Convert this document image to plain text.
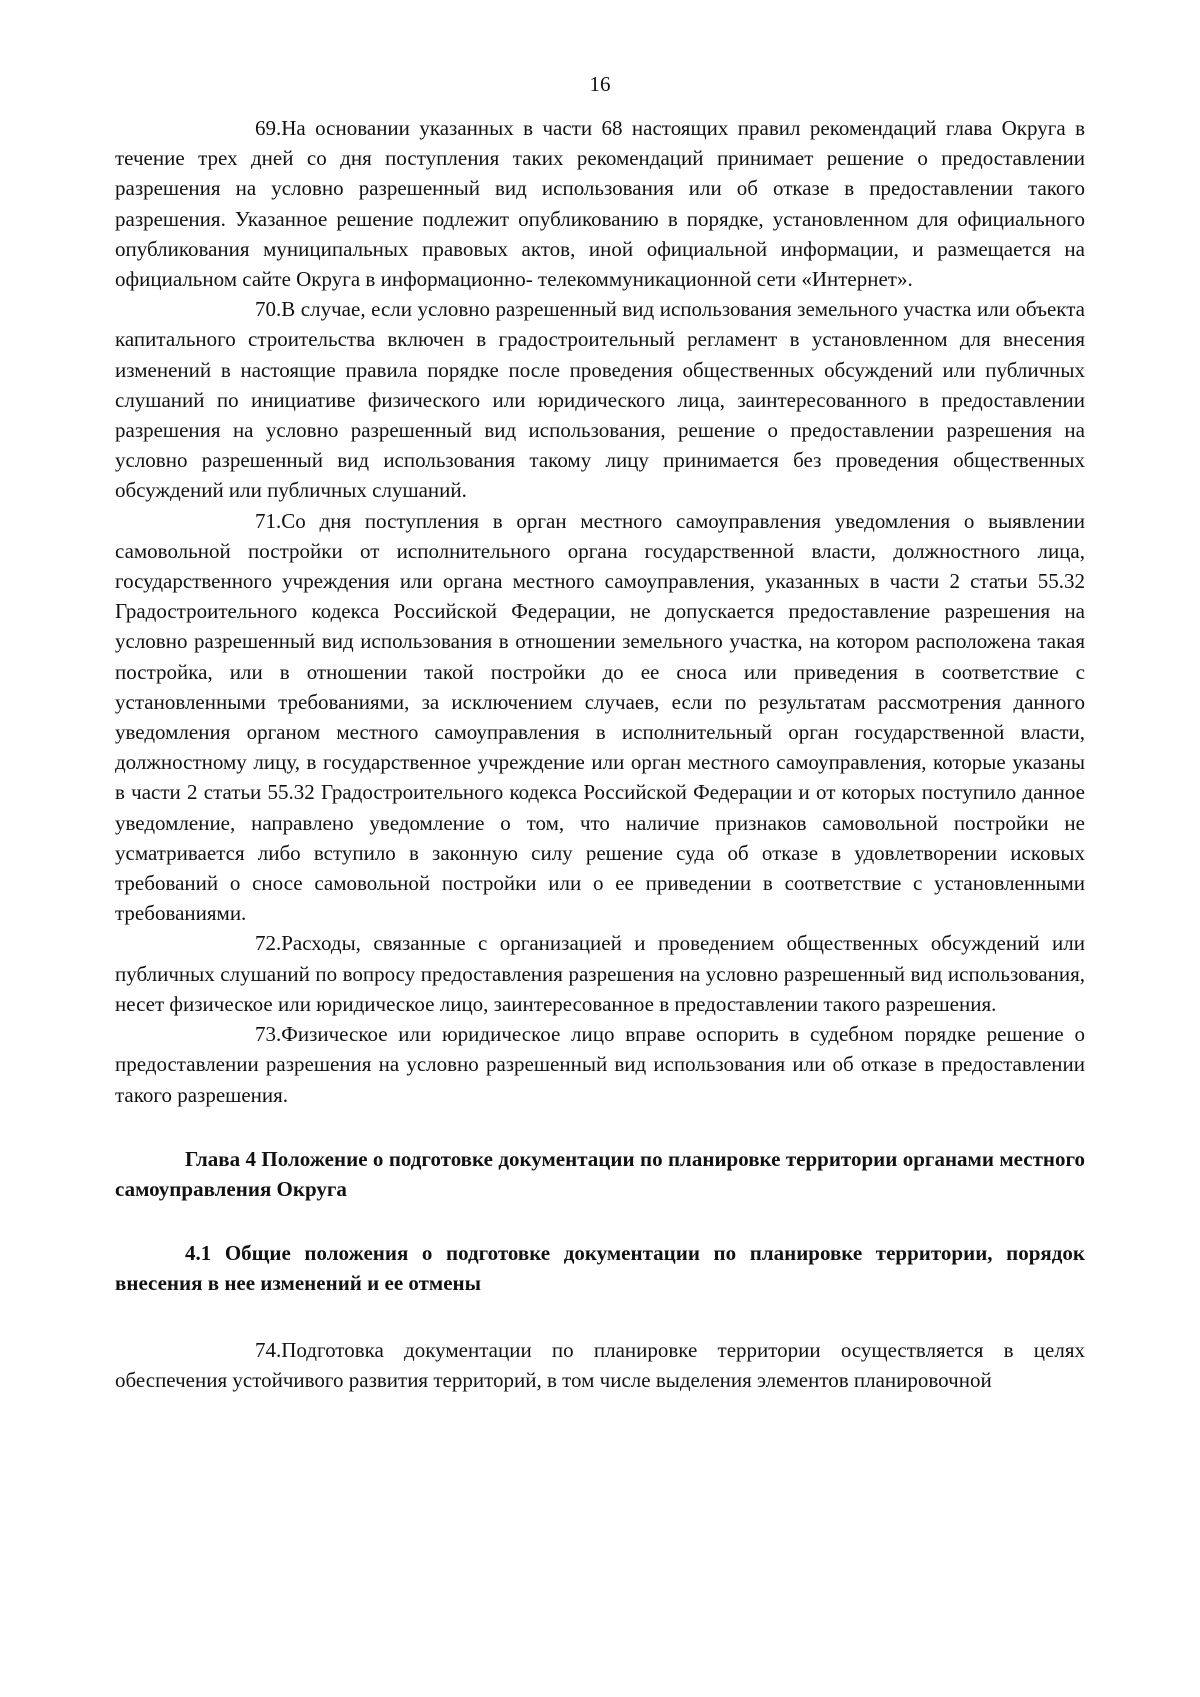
16

69.На основании указанных в части 68 настоящих правил рекомендаций глава Округа в течение трех дней со дня поступления таких рекомендаций принимает решение о предоставлении разрешения на условно разрешенный вид использования или об отказе в предоставлении такого разрешения. Указанное решение подлежит опубликованию в порядке, установленном для официального опубликования муниципальных правовых актов, иной официальной информации, и размещается на официальном сайте Округа в информационно- телекоммуникационной сети «Интернет».

70.В случае, если условно разрешенный вид использования земельного участка или объекта капитального строительства включен в градостроительный регламент в установленном для внесения изменений в настоящие правила порядке после проведения общественных обсуждений или публичных слушаний по инициативе физического или юридического лица, заинтересованного в предоставлении разрешения на условно разрешенный вид использования, решение о предоставлении разрешения на условно разрешенный вид использования такому лицу принимается без проведения общественных обсуждений или публичных слушаний.

71.Со дня поступления в орган местного самоуправления уведомления о выявлении самовольной постройки от исполнительного органа государственной власти, должностного лица, государственного учреждения или органа местного самоуправления, указанных в части 2 статьи 55.32 Градостроительного кодекса Российской Федерации, не допускается предоставление разрешения на условно разрешенный вид использования в отношении земельного участка, на котором расположена такая постройка, или в отношении такой постройки до ее сноса или приведения в соответствие с установленными требованиями, за исключением случаев, если по результатам рассмотрения данного уведомления органом местного самоуправления в исполнительный орган государственной власти, должностному лицу, в государственное учреждение или орган местного самоуправления, которые указаны в части 2 статьи 55.32 Градостроительного кодекса Российской Федерации и от которых поступило данное уведомление, направлено уведомление о том, что наличие признаков самовольной постройки не усматривается либо вступило в законную силу решение суда об отказе в удовлетворении исковых требований о сносе самовольной постройки или о ее приведении в соответствие с установленными требованиями.

72.Расходы, связанные с организацией и проведением общественных обсуждений или публичных слушаний по вопросу предоставления разрешения на условно разрешенный вид использования, несет физическое или юридическое лицо, заинтересованное в предоставлении такого разрешения.

73.Физическое или юридическое лицо вправе оспорить в судебном порядке решение о предоставлении разрешения на условно разрешенный вид использования или об отказе в предоставлении такого разрешения.

Глава 4 Положение о подготовке документации по планировке территории органами местного самоуправления Округа

4.1 Общие положения о подготовке документации по планировке территории, порядок внесения в нее изменений и ее отмены

74.Подготовка документации по планировке территории осуществляется в целях обеспечения устойчивого развития территорий, в том числе выделения элементов планировочной
